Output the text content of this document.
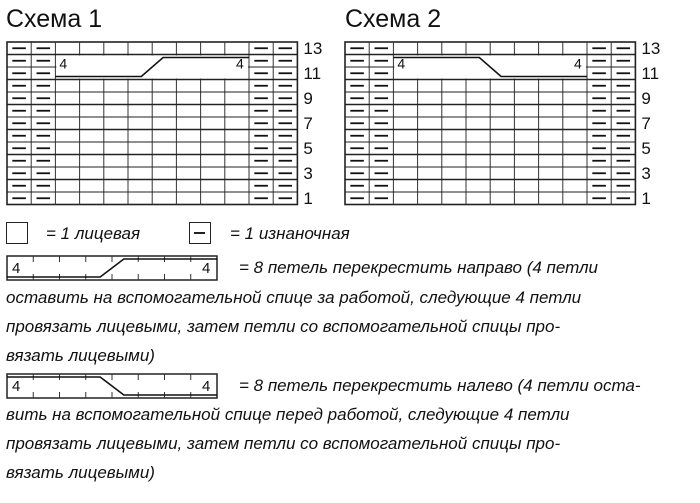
Схема 1	Схема 2
4	4	4	4
13
11
9
7
5
3
1
13
11
9
7
5
3
1
= 1 лицевая	= 1 изнаночная
4	4 = 8 петель перекрестить направо (4 петли
оставить на вспомогательной спице за работой, следующие 4 петли
провязать лицевыми, затем петли со вспомогательной спицы про-
вязать лицевыми)
4	4 = 8 петель перекрестить налево (4 петли оста-
вить на вспомогательной спице перед работой, следующие 4 петли
провязать лицевыми, затем петли со вспомогательной спицы про-
вязать лицевыми)
